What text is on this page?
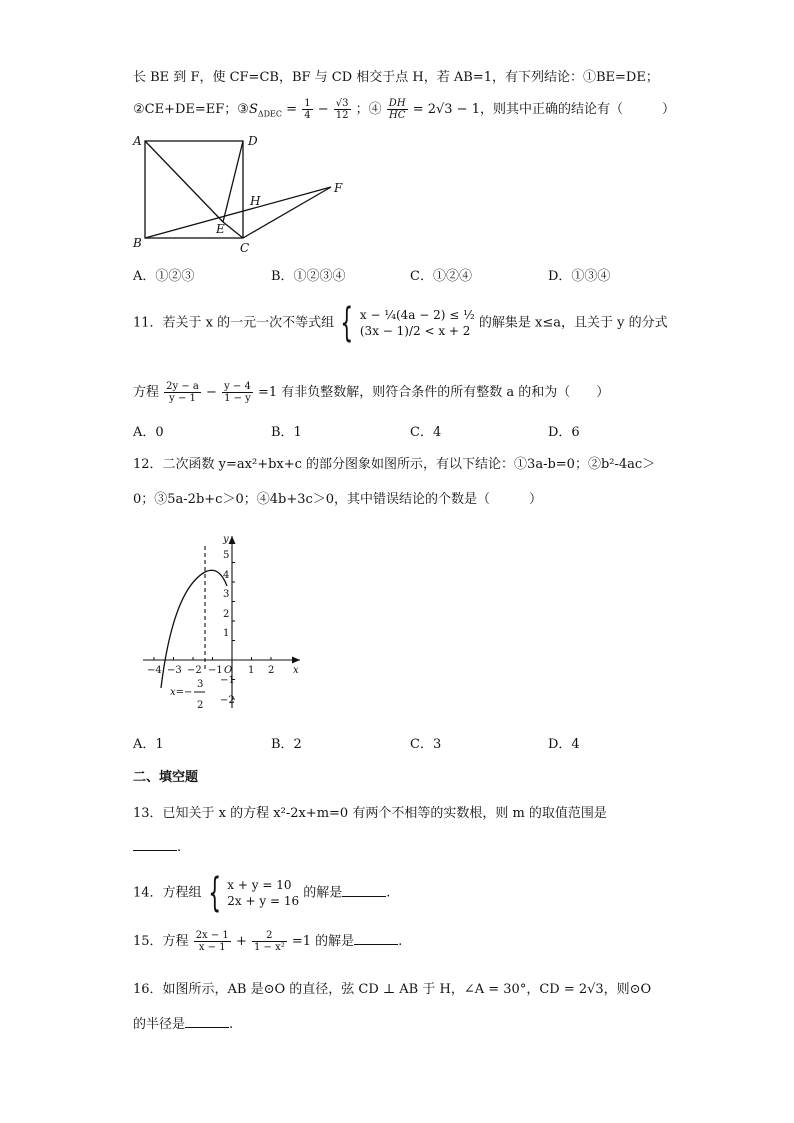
长 BE 到 F，使 CF=CB，BF 与 CD 相交于点 H，若 AB=1，有下列结论：①BE=DE；
②CE+DE=EF；$③S_{\Delta DEC} = \frac{1}{4} - \frac{√3}{12}$ ；④ $\frac{DH}{HC} = 2√3 - 1$，则其中正确的结论有（　　　）
A	D
B	C
E
F
H
A．①②③	B．①②③④	C．①②④	D．①③④
11．若关于 x 的一元一次不等式组 { x − ¼(4a − 2) ≤ ½
(3x − 1)/2 < x + 2
的解集是 x≤a，且关于 y 的分式
方程 $\frac{2y - a}{y - 1} - \frac{y - 4}{1 - y} =1$ 有非负整数解，则符合条件的所有整数 a 的和为（　　）
A．0	B．1	C．4	D．6
12．二次函数 y=ax²+bx+c 的部分图象如图所示，有以下结论：①3a-b=0；②b²-4ac＞
0；③5a-2b+c＞0；④4b+3c＞0，其中错误结论的个数是（　　　）
−4 −3 −2 −1	1 2
5
4
3
2
1
−1
−2
O	x
y
x=−
3
2
A．1	B．2	C．3	D．4
二、填空题
13．已知关于 x 的方程 x²-2x+m=0 有两个不相等的实数根，则 m 的取值范围是
.
14．方程组 { x + y = 10
2x + y = 16
的解是	.
15．方程 $\frac{2x - 1}{x - 1} + \frac{2}{\text{1 − x²}} =1$ 的解是	.
16．如图所示，AB 是⊙O 的直径，弦 CD ⊥ AB 于 H，∠A = 30°，CD = 2√3，则⊙O
的半径是	.
